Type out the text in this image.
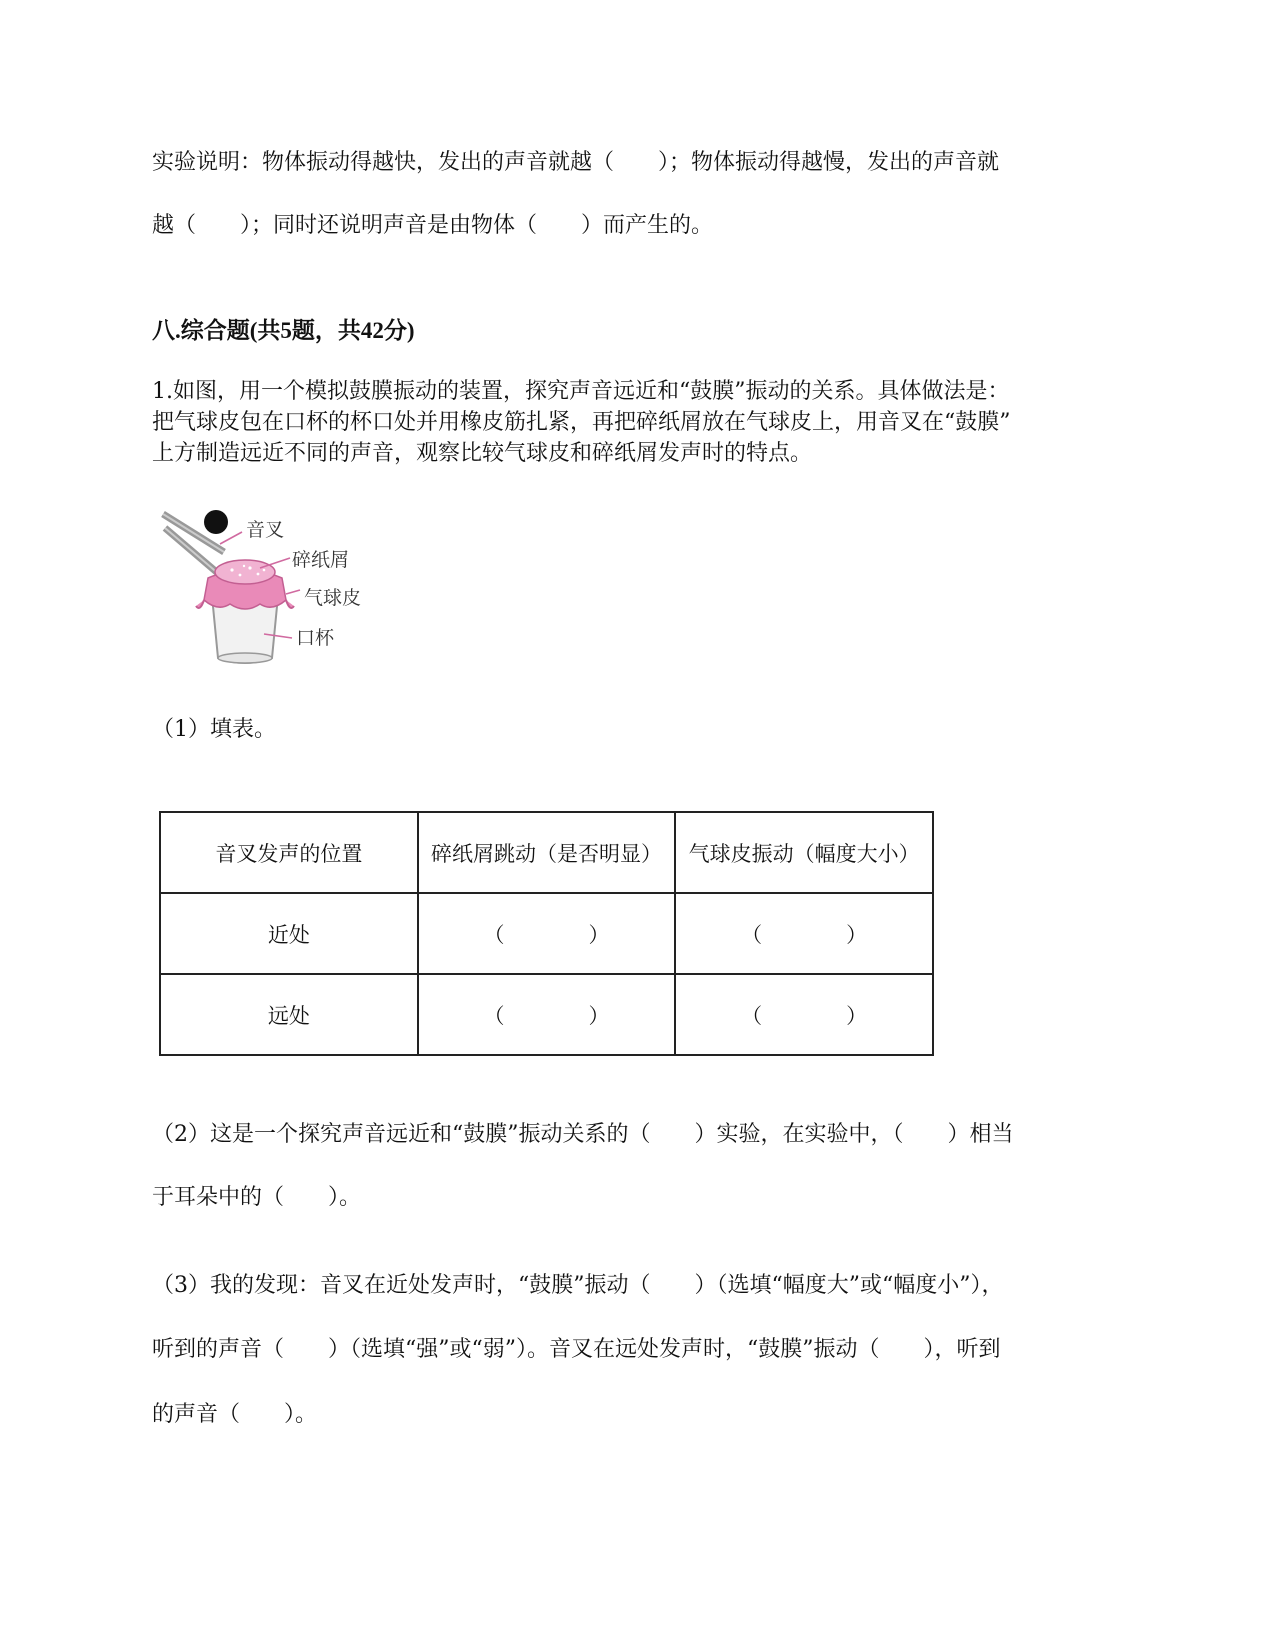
实验说明：物体振动得越快，发出的声音就越（　　）；物体振动得越慢，发出的声音就
越（　　）；同时还说明声音是由物体（　　）而产生的。
八.综合题(共5题，共42分)
1.如图，用一个模拟鼓膜振动的装置，探究声音远近和“鼓膜”振动的关系。具体做法是：
把气球皮包在口杯的杯口处并用橡皮筋扎紧，再把碎纸屑放在气球皮上，用音叉在“鼓膜”
上方制造远近不同的声音，观察比较气球皮和碎纸屑发声时的特点。
音叉
碎纸屑
气球皮
口杯
（1）填表。
音叉发声的位置	碎纸屑跳动（是否明显）	气球皮振动（幅度大小）
近处	（　　　　）	（　　　　）
远处	（　　　　）	（　　　　）
（2）这是一个探究声音远近和“鼓膜”振动关系的（　　）实验，在实验中，（　　）相当
于耳朵中的（　　）。
（3）我的发现：音叉在近处发声时，“鼓膜”振动（　　）（选填“幅度大”或“幅度小”），
听到的声音（　　）（选填“强”或“弱”）。音叉在远处发声时，“鼓膜”振动（　　），听到
的声音（　　）。
